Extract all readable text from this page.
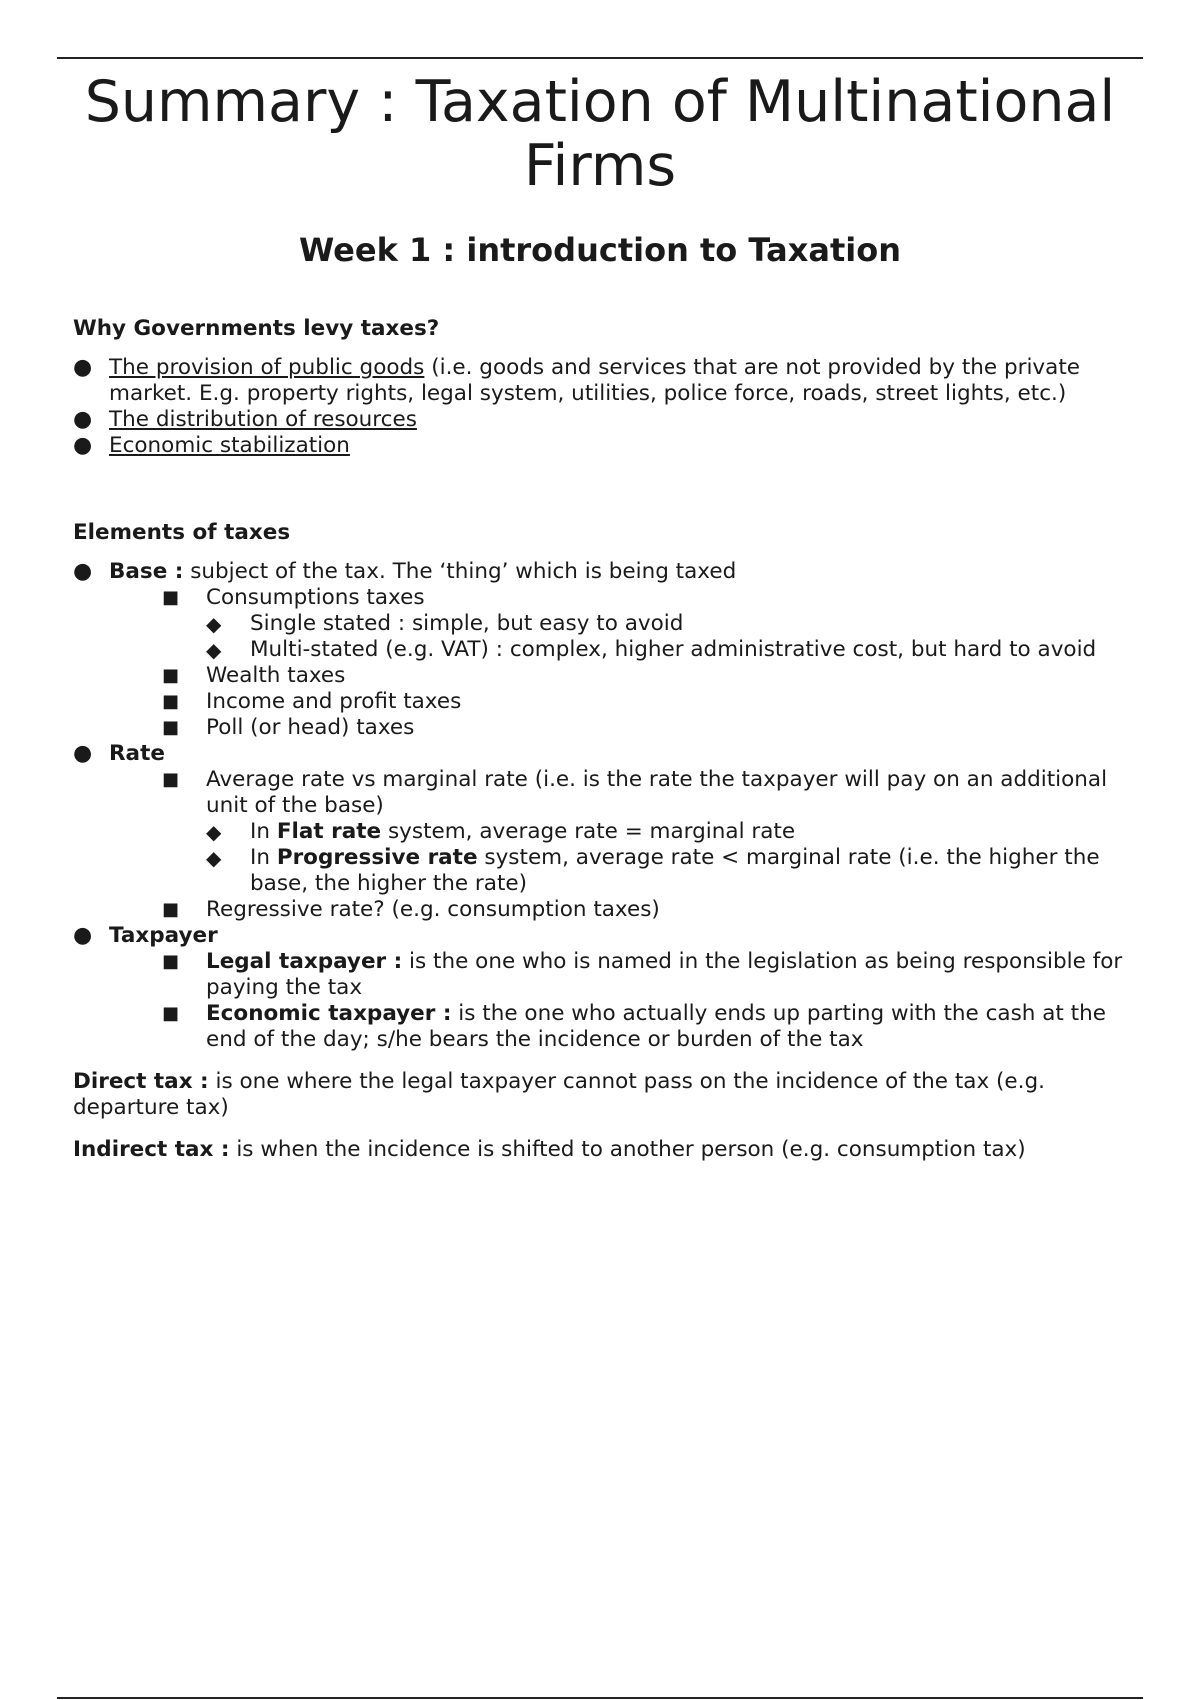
Summary : Taxation of Multinational Firms
Week 1 : introduction to Taxation

Why Governments levy taxes?

● The provision of public goods (i.e. goods and services that are not provided by the private market. E.g. property rights, legal system, utilities, police force, roads, street lights, etc.)
● The distribution of resources
● Economic stabilization

Elements of taxes

● Base : subject of the tax. The ‘thing’ which is being taxed
■ Consumptions taxes
◆ Single stated : simple, but easy to avoid
◆ Multi-stated (e.g. VAT) : complex, higher administrative cost, but hard to avoid
■ Wealth taxes
■ Income and profit taxes
■ Poll (or head) taxes
● Rate
■ Average rate vs marginal rate (i.e. is the rate the taxpayer will pay on an additional unit of the base)
◆ In Flat rate system, average rate = marginal rate
◆ In Progressive rate system, average rate < marginal rate (i.e. the higher the base, the higher the rate)
■ Regressive rate? (e.g. consumption taxes)
● Taxpayer
■ Legal taxpayer : is the one who is named in the legislation as being responsible for paying the tax
■ Economic taxpayer : is the one who actually ends up parting with the cash at the end of the day; s/he bears the incidence or burden of the tax

Direct tax : is one where the legal taxpayer cannot pass on the incidence of the tax (e.g. departure tax)

Indirect tax : is when the incidence is shifted to another person (e.g. consumption tax)
